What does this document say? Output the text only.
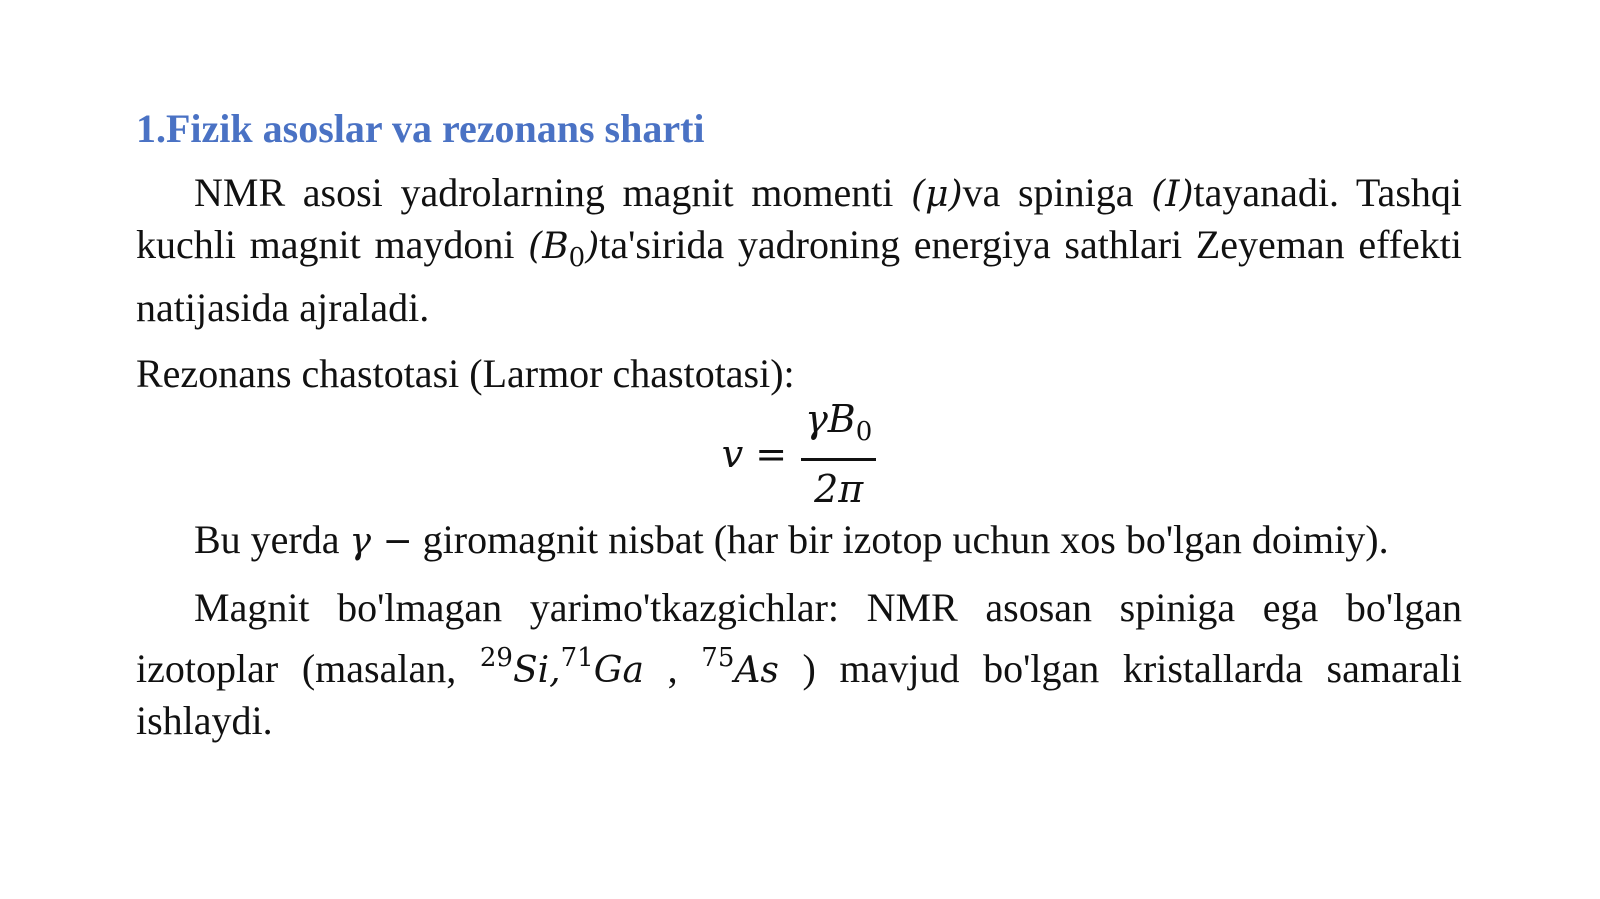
1.Fizik asoslar va rezonans sharti

NMR asosi yadrolarning magnit momenti (μ)va spiniga (I)tayanadi. Tashqi kuchli magnit maydoni $(B_0)ta'sirida$ yadroning energiya sathlari Zeyeman effekti natijasida ajraladi.

Rezonans chastotasi (Larmor chastotasi):

$v = \frac{\gamma B_0}{2\pi}$

Bu yerda γ − giromagnit nisbat (har bir izotop uchun xos bo'lgan doimiy).

Magnit bo'lmagan yarimo'tkazgichlar: NMR asosan spiniga ega bo'lgan izotoplar (masalan, $^{29}$Si,$^{71}$Ga , $^{75}$As ) mavjud bo'lgan kristallarda samarali ishlaydi.
